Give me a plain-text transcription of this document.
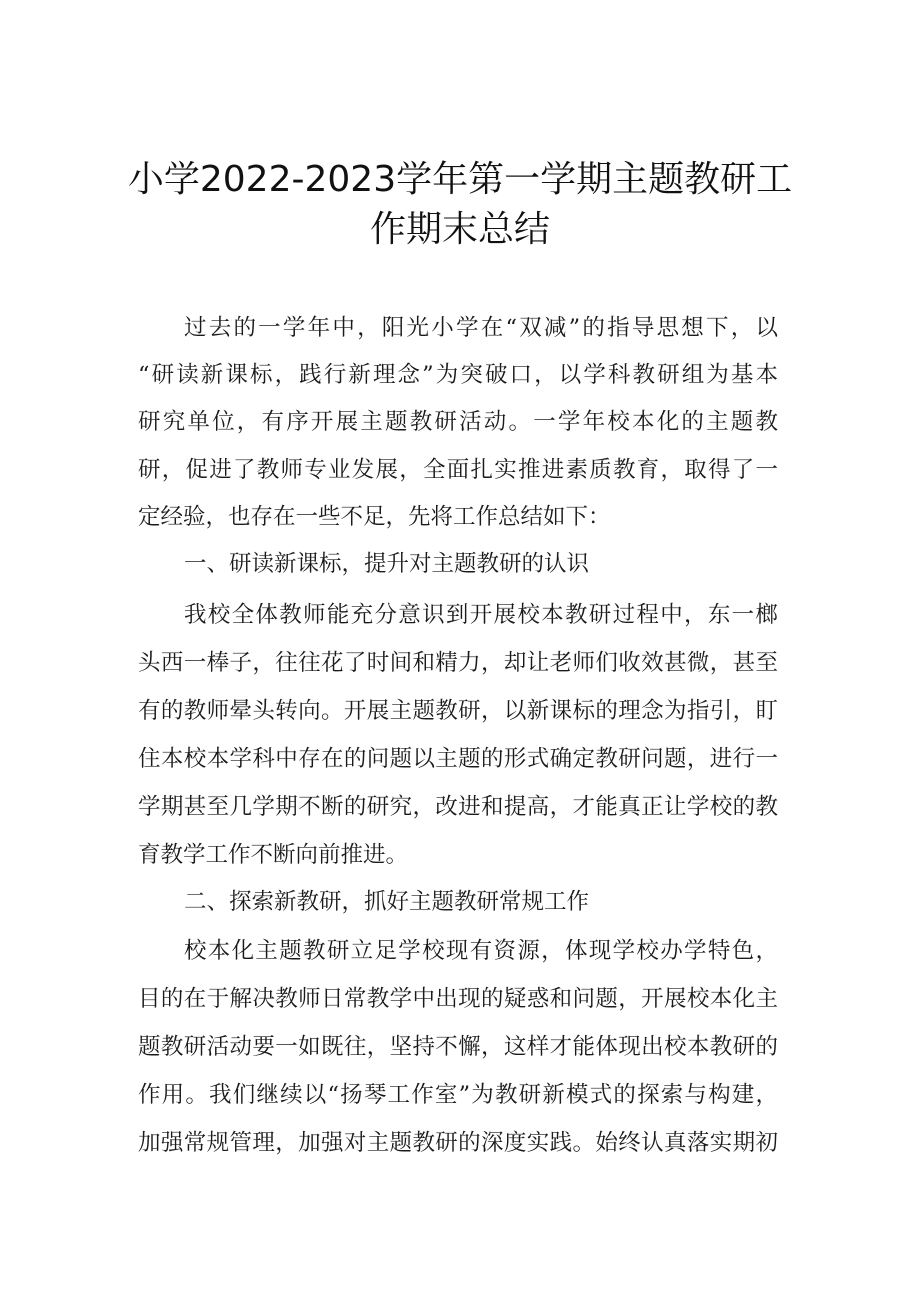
小学2022-2023学年第一学期主题教研工
作期末总结
过去的一学年中，阳光小学在“双减”的指导思想下，以
“研读新课标，践行新理念”为突破口，以学科教研组为基本
研究单位，有序开展主题教研活动。一学年校本化的主题教
研，促进了教师专业发展，全面扎实推进素质教育，取得了一
定经验，也存在一些不足，先将工作总结如下：
一、研读新课标，提升对主题教研的认识
我校全体教师能充分意识到开展校本教研过程中，东一榔
头西一棒子，往往花了时间和精力，却让老师们收效甚微，甚至
有的教师晕头转向。开展主题教研，以新课标的理念为指引，盯
住本校本学科中存在的问题以主题的形式确定教研问题，进行一
学期甚至几学期不断的研究，改进和提高，才能真正让学校的教
育教学工作不断向前推进。
二、探索新教研，抓好主题教研常规工作
校本化主题教研立足学校现有资源，体现学校办学特色，
目的在于解决教师日常教学中出现的疑惑和问题，开展校本化主
题教研活动要一如既往，坚持不懈，这样才能体现出校本教研的
作用。我们继续以“扬琴工作室”为教研新模式的探索与构建，
加强常规管理，加强对主题教研的深度实践。始终认真落实期初
